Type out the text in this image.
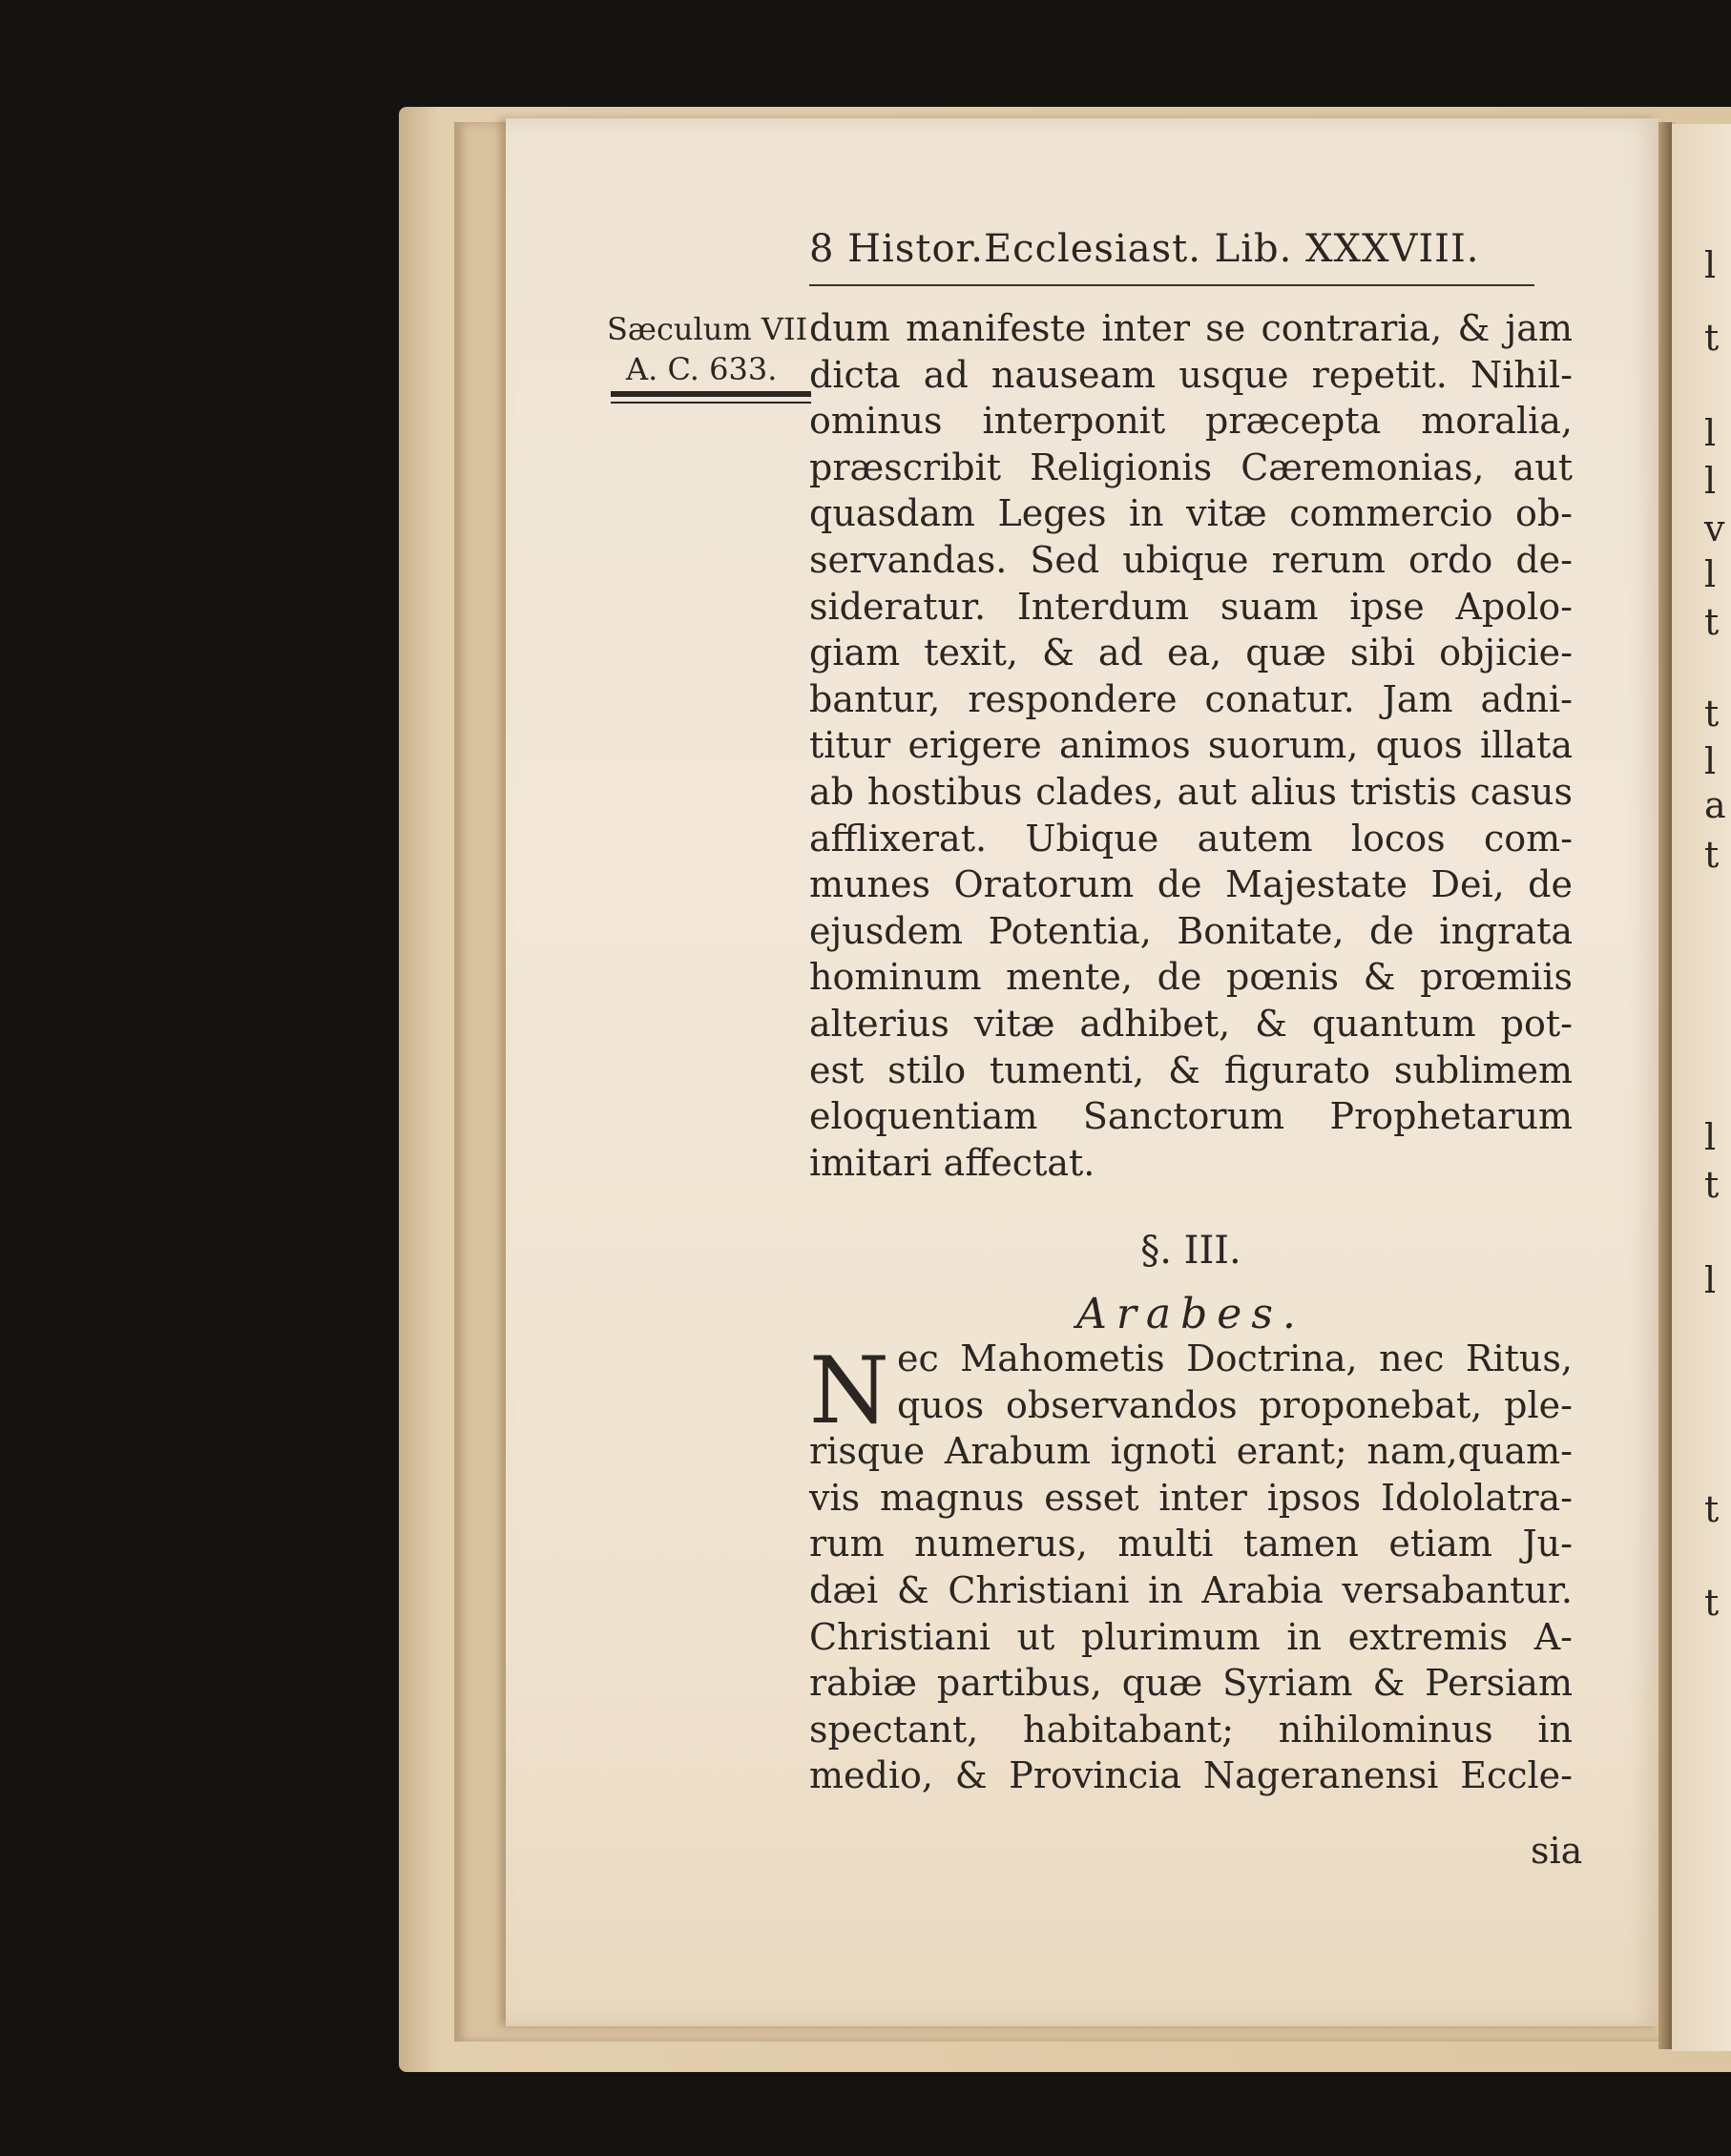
l
t
l
l
v
l
t
t
l
a
t
l
t
l
t
t
8 Histor.Ecclesiast. Lib. XXXVIII.
Sæculum VII
A. C. 633.
dum manifeste inter se contraria, & jam
dicta ad nauseam usque repetit. Nihil-
ominus interponit præcepta moralia,
præscribit Religionis Cæremonias, aut
quasdam Leges in vitæ commercio ob-
servandas. Sed ubique rerum ordo de-
sideratur. Interdum suam ipse Apolo-
giam texit, & ad ea, quæ sibi objicie-
bantur, respondere conatur. Jam adni-
titur erigere animos suorum, quos illata
ab hostibus clades, aut alius tristis casus
afflixerat. Ubique autem locos com-
munes Oratorum de Majestate Dei, de
ejusdem Potentia, Bonitate, de ingrata
hominum mente, de pœnis & prœmiis
alterius vitæ adhibet, & quantum pot-
est stilo tumenti, & figurato sublimem
eloquentiam Sanctorum Prophetarum
imitari affectat.
§. III.
Arabes.
N ec Mahometis Doctrina, nec Ritus,
quos observandos proponebat, ple-
risque Arabum ignoti erant; nam,quam-
vis magnus esset inter ipsos Idololatra-
rum numerus, multi tamen etiam Ju-
dæi & Christiani in Arabia versabantur.
Christiani ut plurimum in extremis A-
rabiæ partibus, quæ Syriam & Persiam
spectant, habitabant; nihilominus in
medio, & Provincia Nageranensi Eccle-
sia
